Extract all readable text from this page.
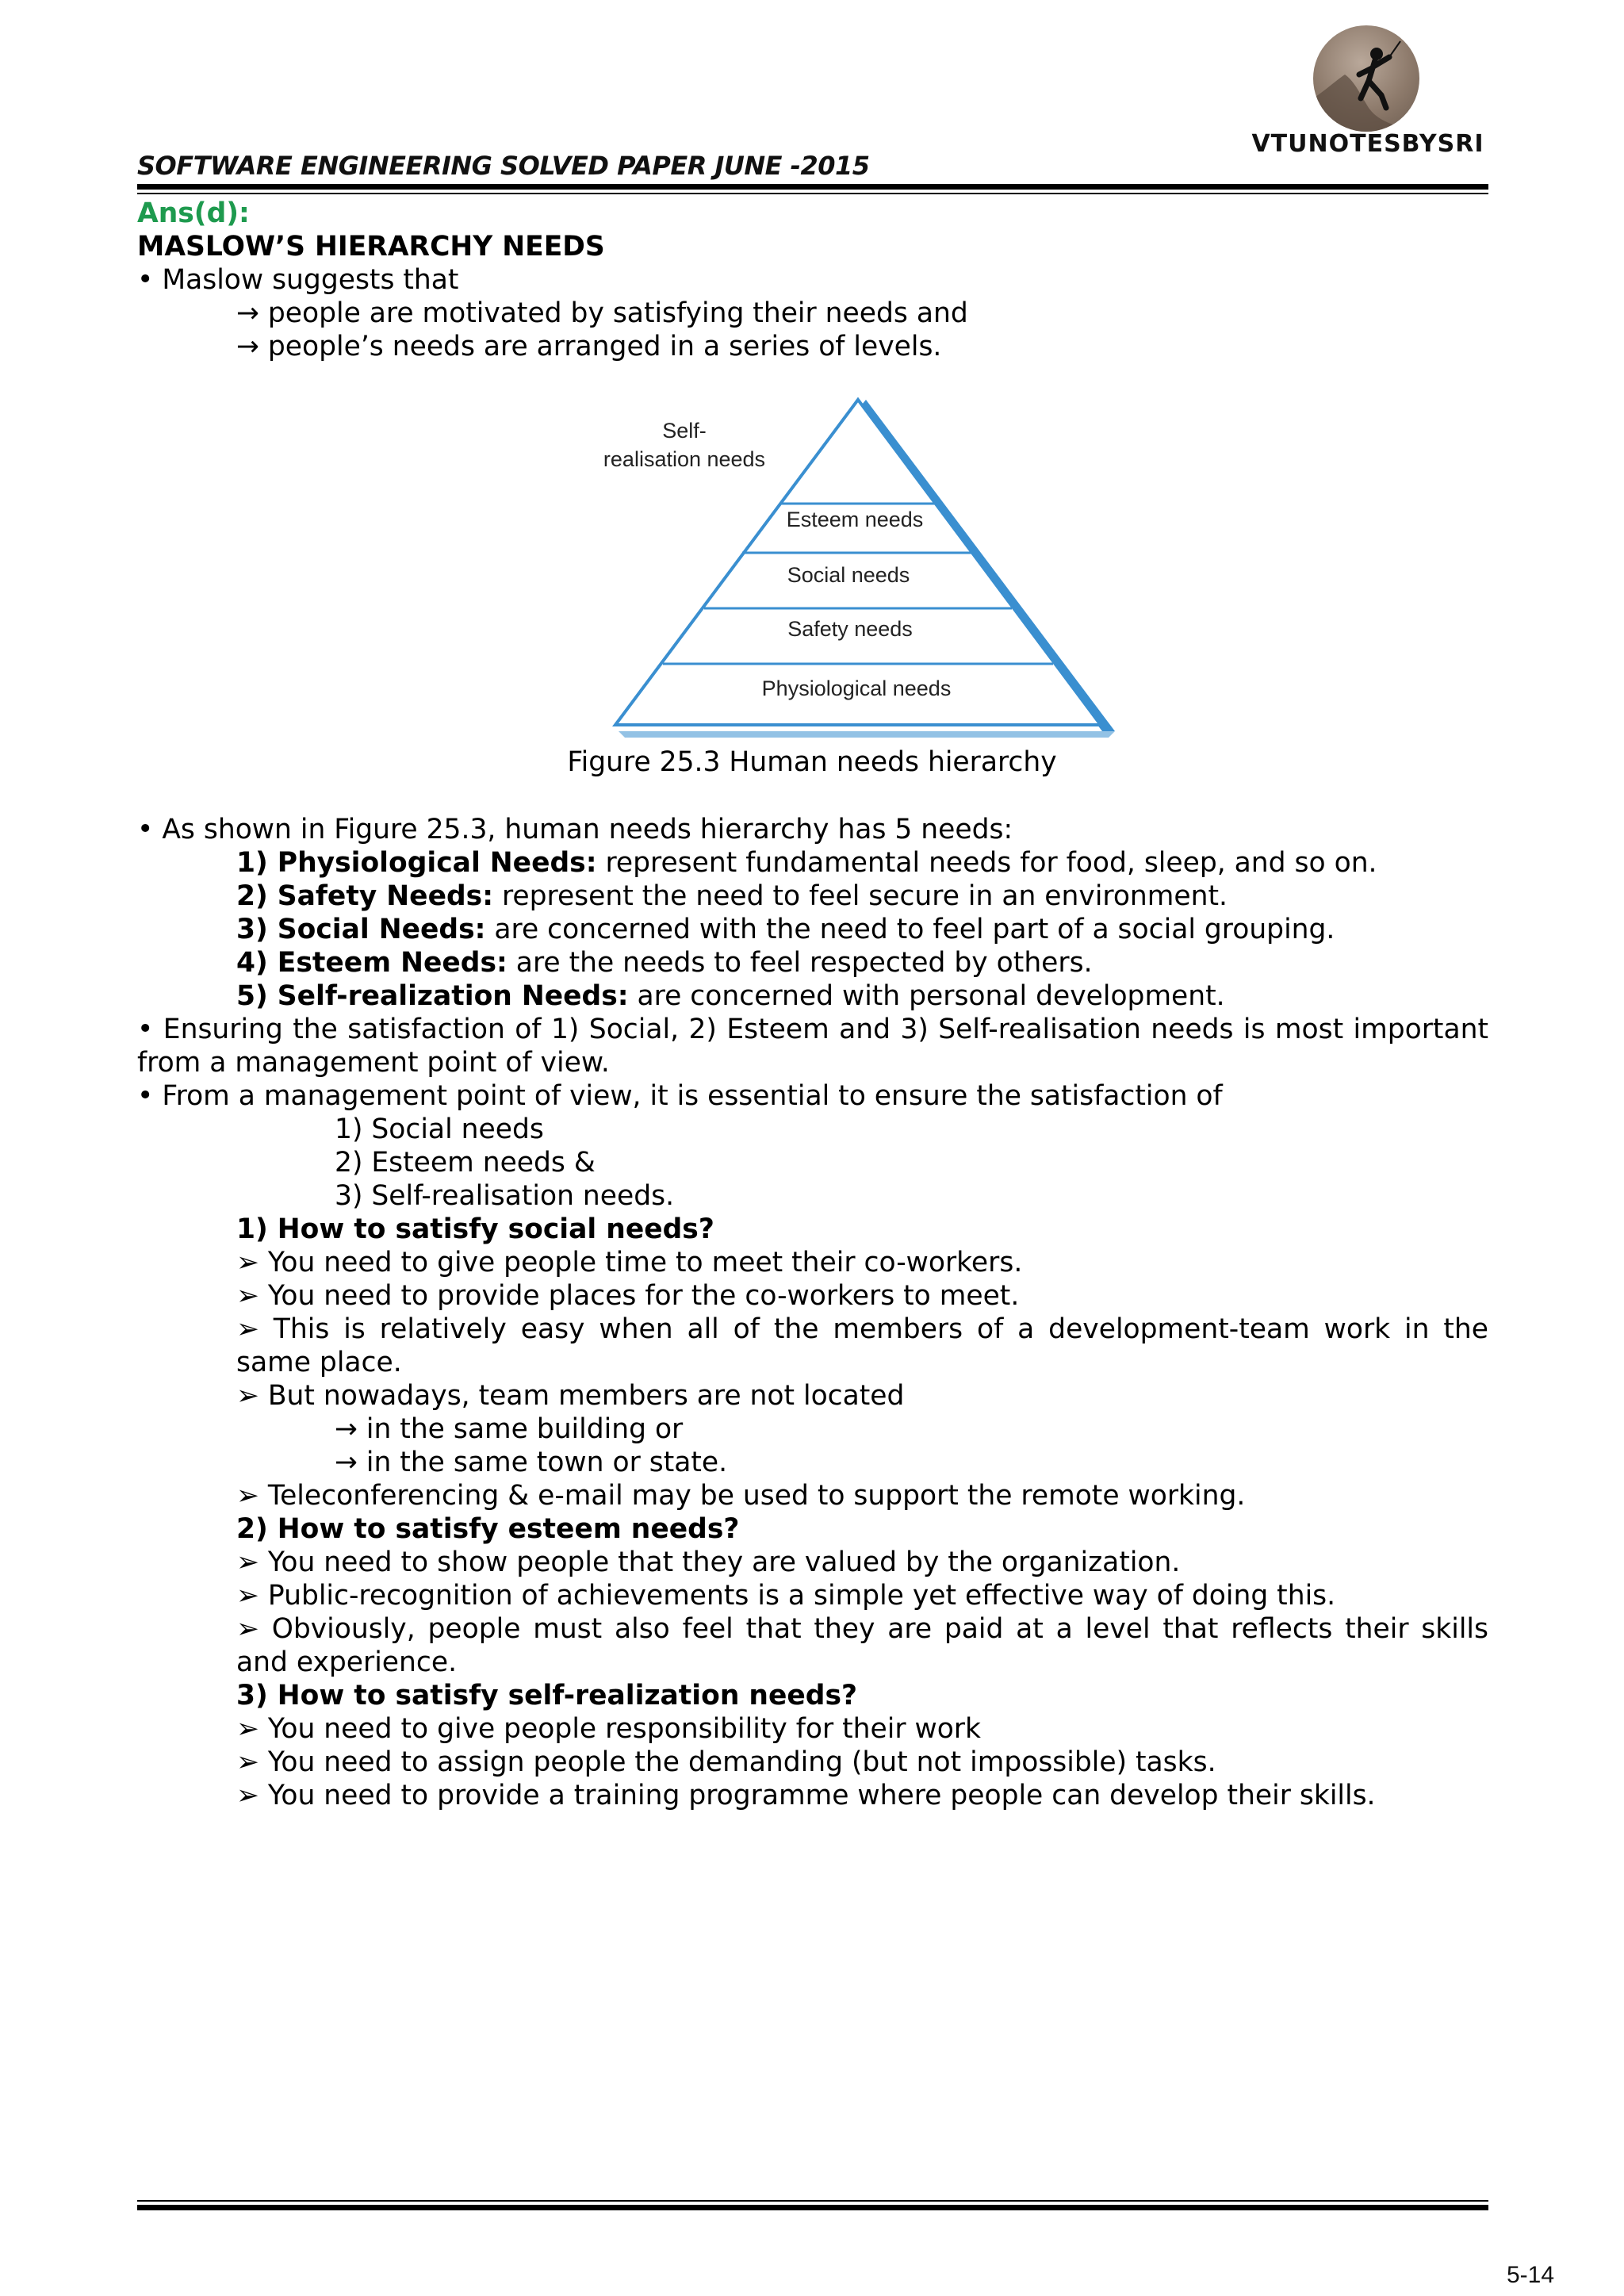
VTUNOTESBYSRI
SOFTWARE ENGINEERING SOLVED PAPER JUNE -2015
Ans(d):
MASLOW’S HIERARCHY NEEDS
• Maslow suggests that
→ people are motivated by satisfying their needs and
→ people’s needs are arranged in a series of levels.
Self-
realisation needs
Esteem needs
Social needs
Safety needs
Physiological needs
Figure 25.3 Human needs hierarchy
• As shown in Figure 25.3, human needs hierarchy has 5 needs:
1) Physiological Needs: represent fundamental needs for food, sleep, and so on.
2) Safety Needs: represent the need to feel secure in an environment.
3) Social Needs: are concerned with the need to feel part of a social grouping.
4) Esteem Needs: are the needs to feel respected by others.
5) Self-realization Needs: are concerned with personal development.
• Ensuring the satisfaction of 1) Social, 2) Esteem and 3) Self-realisation needs is most important
from a management point of view.
• From a management point of view, it is essential to ensure the satisfaction of
1) Social needs
2) Esteem needs &
3) Self-realisation needs.
1) How to satisfy social needs?
➢ You need to give people time to meet their co-workers.
➢ You need to provide places for the co-workers to meet.
➢ This is relatively easy when all of the members of a development-team work in the
same place.
➢ But nowadays, team members are not located
→ in the same building or
→ in the same town or state.
➢ Teleconferencing & e-mail may be used to support the remote working.
2) How to satisfy esteem needs?
➢ You need to show people that they are valued by the organization.
➢ Public-recognition of achievements is a simple yet effective way of doing this.
➢ Obviously, people must also feel that they are paid at a level that reflects their skills
and experience.
3) How to satisfy self-realization needs?
➢ You need to give people responsibility for their work
➢ You need to assign people the demanding (but not impossible) tasks.
➢ You need to provide a training programme where people can develop their skills.
5-14
